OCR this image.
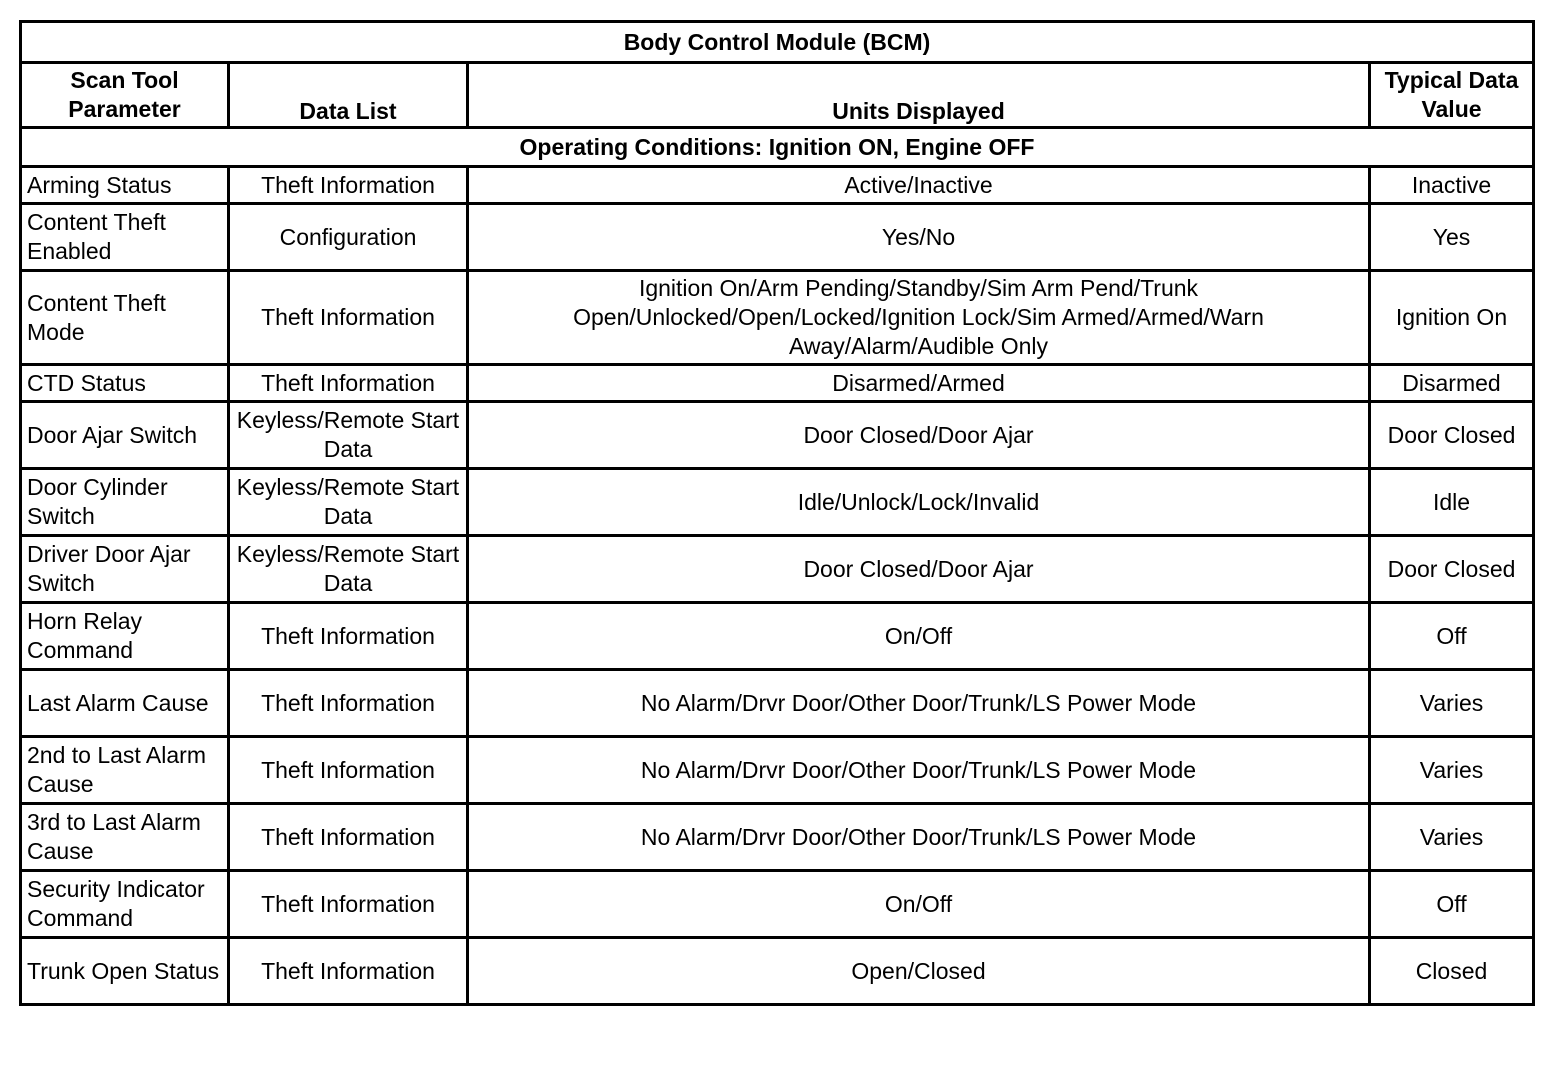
Body Control Module (BCM)			
Scan Tool Parameter	Data List	Units Displayed	Typical Data Value
Operating Conditions: Ignition ON, Engine OFF			
Arming Status	Theft Information	Active/Inactive	Inactive
Content Theft Enabled	Configuration	Yes/No	Yes
Content Theft Mode	Theft Information	Ignition On/Arm Pending/Standby/Sim Arm Pend/Trunk Open/Unlocked/Open/Locked/Ignition Lock/Sim Armed/Armed/Warn Away/Alarm/Audible Only	Ignition On
CTD Status	Theft Information	Disarmed/Armed	Disarmed
Door Ajar Switch	Keyless/Remote Start Data	Door Closed/Door Ajar	Door Closed
Door Cylinder Switch	Keyless/Remote Start Data	Idle/Unlock/Lock/Invalid	Idle
Driver Door Ajar Switch	Keyless/Remote Start Data	Door Closed/Door Ajar	Door Closed
Horn Relay Command	Theft Information	On/Off	Off
Last Alarm Cause	Theft Information	No Alarm/Drvr Door/Other Door/Trunk/LS Power Mode	Varies
2nd to Last Alarm Cause	Theft Information	No Alarm/Drvr Door/Other Door/Trunk/LS Power Mode	Varies
3rd to Last Alarm Cause	Theft Information	No Alarm/Drvr Door/Other Door/Trunk/LS Power Mode	Varies
Security Indicator Command	Theft Information	On/Off	Off
Trunk Open Status	Theft Information	Open/Closed	Closed
